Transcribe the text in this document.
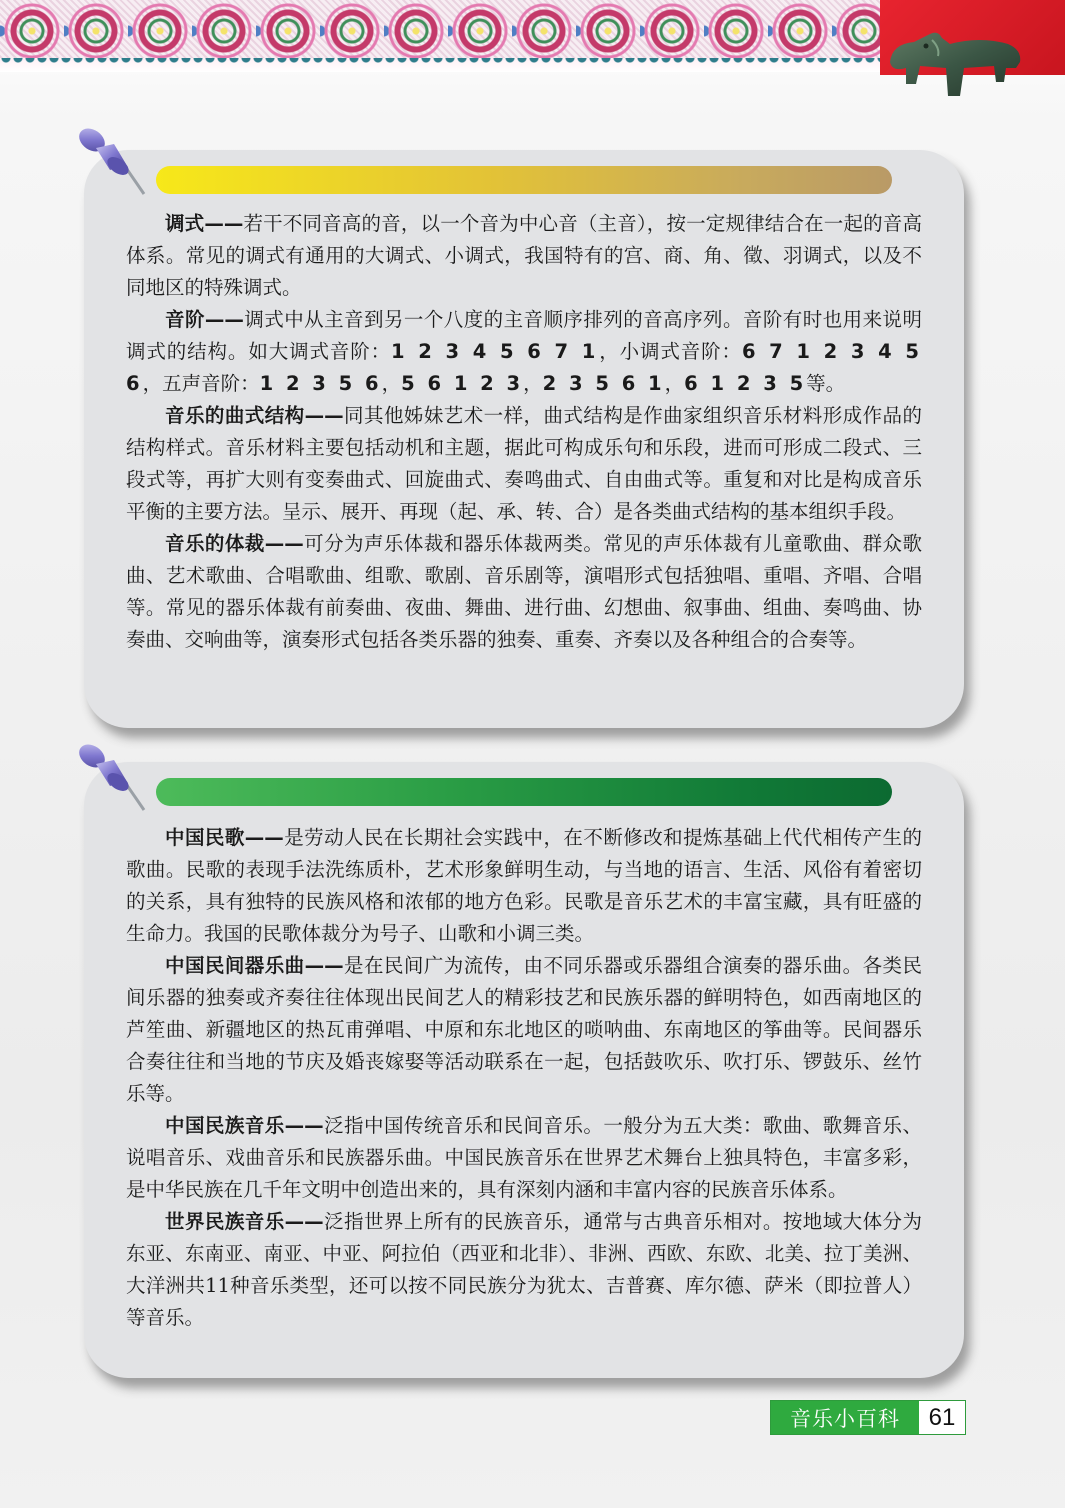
调式——若干不同音高的音，以一个音为中心音（主音），按一定规律结合在一起的音高体系。常见的调式有通用的大调式、小调式，我国特有的宫、商、角、徵、羽调式，以及不同地区的特殊调式。

音阶——调式中从主音到另一个八度的主音顺序排列的音高序列。音阶有时也用来说明调式的结构。如大调式音阶：1 2 3 4 5 6 7 1，小调式音阶：6 7 1 2 3 4 5 6，五声音阶：1 2 3 5 6，5 6 1 2 3，2 3 5 6 1，6 1 2 3 5等。

音乐的曲式结构——同其他姊妹艺术一样，曲式结构是作曲家组织音乐材料形成作品的结构样式。音乐材料主要包括动机和主题，据此可构成乐句和乐段，进而可形成二段式、三段式等，再扩大则有变奏曲式、回旋曲式、奏鸣曲式、自由曲式等。重复和对比是构成音乐平衡的主要方法。呈示、展开、再现（起、承、转、合）是各类曲式结构的基本组织手段。

音乐的体裁——可分为声乐体裁和器乐体裁两类。常见的声乐体裁有儿童歌曲、群众歌曲、艺术歌曲、合唱歌曲、组歌、歌剧、音乐剧等，演唱形式包括独唱、重唱、齐唱、合唱等。常见的器乐体裁有前奏曲、夜曲、舞曲、进行曲、幻想曲、叙事曲、组曲、奏鸣曲、协奏曲、交响曲等，演奏形式包括各类乐器的独奏、重奏、齐奏以及各种组合的合奏等。

中国民歌——是劳动人民在长期社会实践中，在不断修改和提炼基础上代代相传产生的歌曲。民歌的表现手法洗练质朴，艺术形象鲜明生动，与当地的语言、生活、风俗有着密切的关系，具有独特的民族风格和浓郁的地方色彩。民歌是音乐艺术的丰富宝藏，具有旺盛的生命力。我国的民歌体裁分为号子、山歌和小调三类。

中国民间器乐曲——是在民间广为流传，由不同乐器或乐器组合演奏的器乐曲。各类民间乐器的独奏或齐奏往往体现出民间艺人的精彩技艺和民族乐器的鲜明特色，如西南地区的芦笙曲、新疆地区的热瓦甫弹唱、中原和东北地区的唢呐曲、东南地区的筝曲等。民间器乐合奏往往和当地的节庆及婚丧嫁娶等活动联系在一起，包括鼓吹乐、吹打乐、锣鼓乐、丝竹乐等。

中国民族音乐——泛指中国传统音乐和民间音乐。一般分为五大类：歌曲、歌舞音乐、说唱音乐、戏曲音乐和民族器乐曲。中国民族音乐在世界艺术舞台上独具特色，丰富多彩，是中华民族在几千年文明中创造出来的，具有深刻内涵和丰富内容的民族音乐体系。

世界民族音乐——泛指世界上所有的民族音乐，通常与古典音乐相对。按地域大体分为东亚、东南亚、南亚、中亚、阿拉伯（西亚和北非）、非洲、西欧、东欧、北美、拉丁美洲、大洋洲共11种音乐类型，还可以按不同民族分为犹太、吉普赛、库尔德、萨米（即拉普人）等音乐。

音乐小百科	61
